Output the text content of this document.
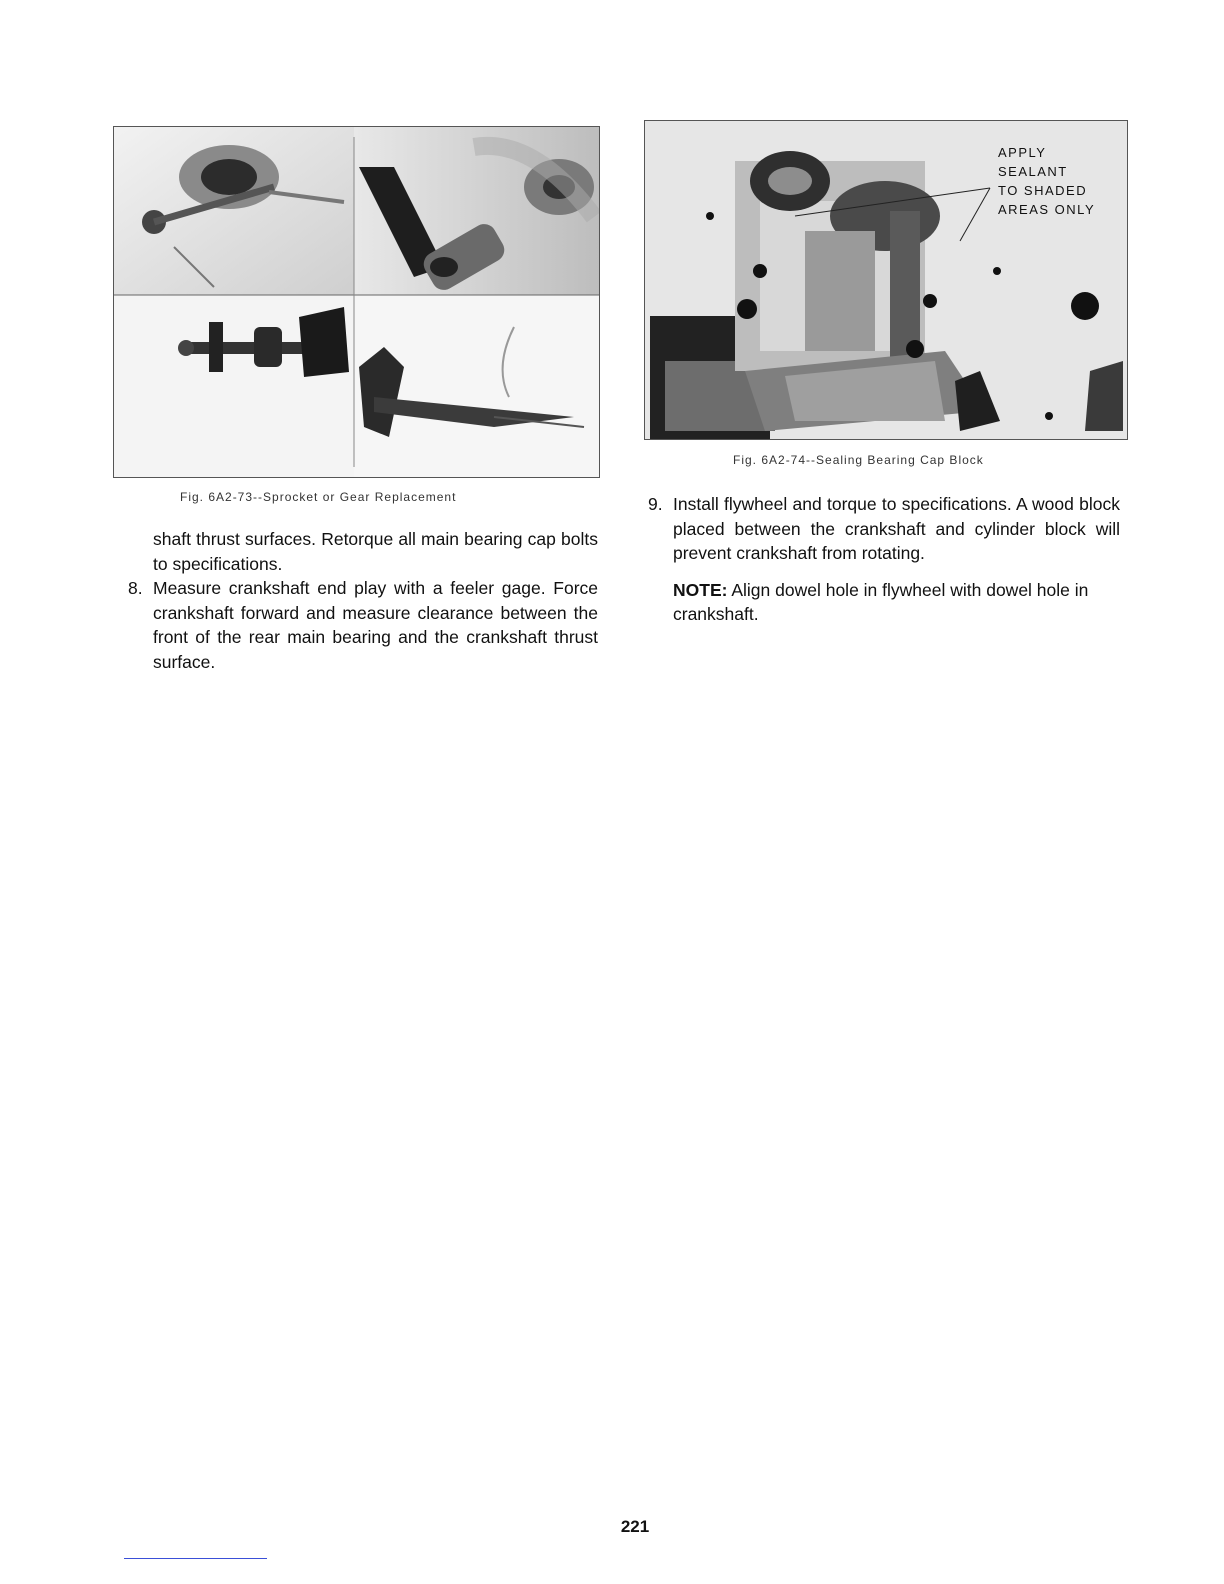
Fig. 6A2-73--Sprocket or Gear Replacement
APPLY
SEALANT
TO SHADED
AREAS ONLY
Fig. 6A2-74--Sealing Bearing Cap Block

shaft thrust surfaces. Retorque all main bearing cap bolts to specifications.

8. Measure crankshaft end play with a feeler gage. Force crankshaft forward and measure clearance between the front of the rear main bearing and the crankshaft thrust surface.
9. Install flywheel and torque to specifications. A wood block placed between the crankshaft and cylinder block will prevent crankshaft from rotating.

NOTE: Align dowel hole in flywheel with dowel hole in crankshaft.

221
